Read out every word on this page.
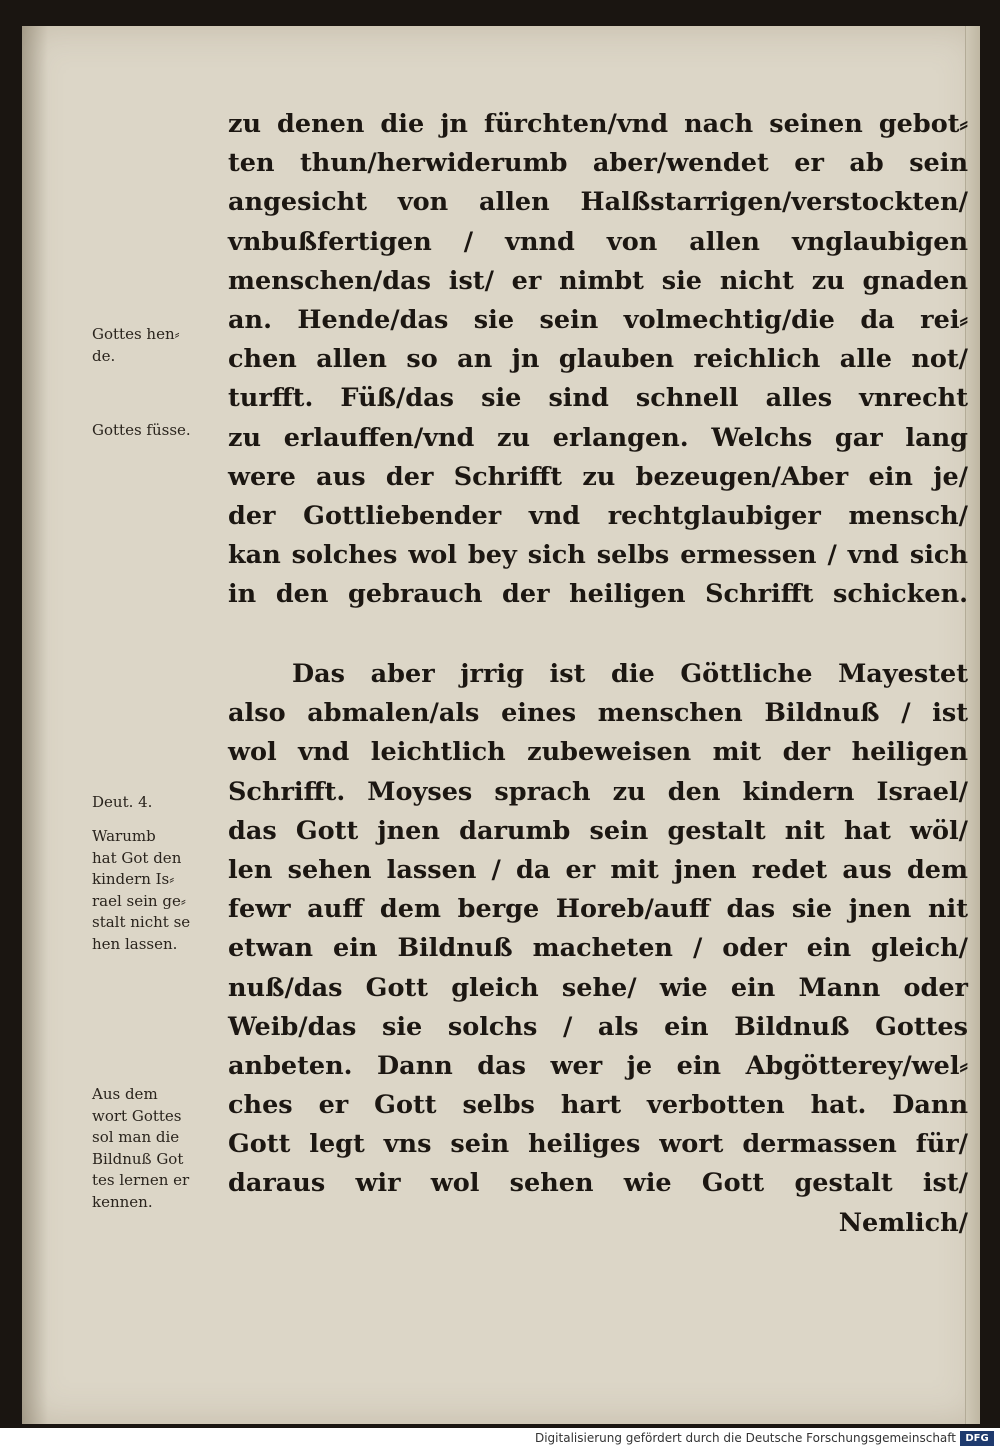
zu denen die jn fürchten/vnd nach seinen gebot⸗
ten thun/herwiderumb aber/wendet er ab sein
angesicht von allen Halßstarrigen/verstockten/
vnbußfertigen / vnnd von allen vnglaubigen
menschen/das ist/ er nimbt sie nicht zu gnaden
an. Hende/das sie sein volmechtig/die da rei⸗
chen allen so an jn glauben reichlich alle not/
turfft. Füß/das sie sind schnell alles vnrecht
zu erlauffen/vnd zu erlangen. Welchs gar lang
were aus der Schrifft zu bezeugen/Aber ein je/
der Gottliebender vnd rechtglaubiger mensch/
kan solches wol bey sich selbs ermessen / vnd sich
in den gebrauch der heiligen Schrifft schicken.
Das aber jrrig ist die Göttliche Mayestet
also abmalen/als eines menschen Bildnuß / ist
wol vnd leichtlich zubeweisen mit der heiligen
Schrifft. Moyses sprach zu den kindern Israel/
das Gott jnen darumb sein gestalt nit hat wöl/
len sehen lassen / da er mit jnen redet aus dem
fewr auff dem berge Horeb/auff das sie jnen nit
etwan ein Bildnuß macheten / oder ein gleich/
nuß/das Gott gleich sehe/ wie ein Mann oder
Weib/das sie solchs / als ein Bildnuß Gottes
anbeten. Dann das wer je ein Abgötterey/wel⸗
ches er Gott selbs hart verbotten hat. Dann
Gott legt vns sein heiliges wort dermassen für/
daraus wir wol sehen wie Gott gestalt ist/
Nemlich/
Gottes hen⸗
de.
Gottes füsse.
Deut. 4.
Warumb
hat Got den
kindern Is⸗
rael sein ge⸗
stalt nicht se
hen lassen.
Aus dem
wort Gottes
sol man die
Bildnuß Got
tes lernen er
kennen.
Digitalisierung gefördert durch die Deutsche Forschungsgemeinschaft DFG
